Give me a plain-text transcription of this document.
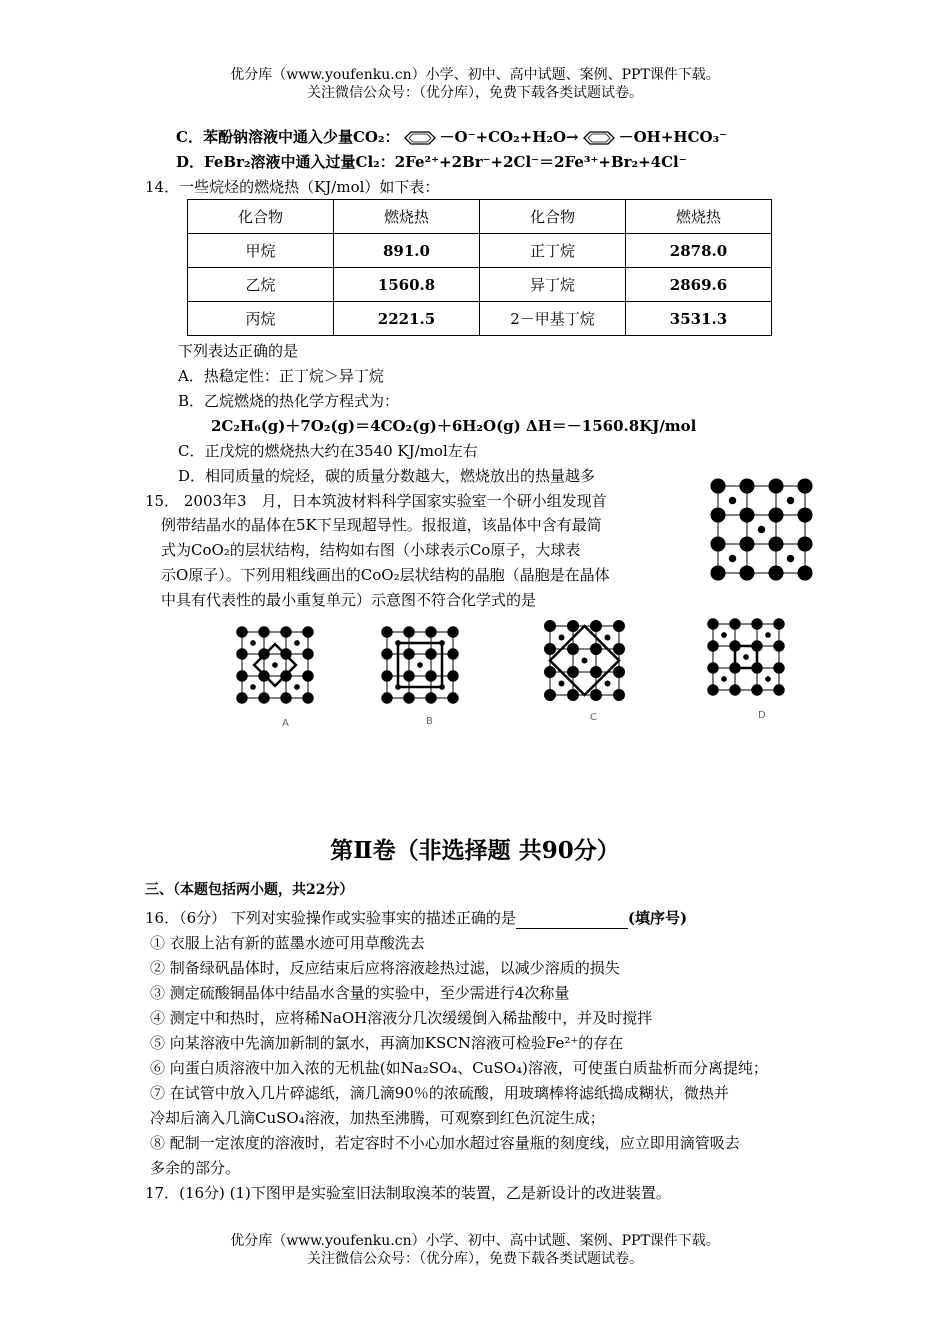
优分库（www.youfenku.cn）小学、初中、高中试题、案例、PPT课件下载。
关注微信公众号：（优分库），免费下载各类试题试卷。
C．苯酚钠溶液中通入少量CO₂：	－O⁻+CO₂+H₂O→	－OH+HCO₃⁻
D．FeBr₂溶液中通入过量Cl₂：2Fe²⁺+2Br⁻+2Cl⁻＝2Fe³⁺+Br₂+4Cl⁻
14．一些烷烃的燃烧热（KJ/mol）如下表：
化合物	燃烧热	化合物	燃烧热
甲烷	891.0	正丁烷	2878.0
乙烷	1560.8	异丁烷	2869.6
丙烷	2221.5	2－甲基丁烷	3531.3
下列表达正确的是
A．热稳定性：正丁烷＞异丁烷
B．乙烷燃烧的热化学方程式为：
2C₂H₆(g)＋7O₂(g)＝4CO₂(g)＋6H₂O(g) ΔH＝－1560.8KJ/mol
C．正戊烷的燃烧热大约在3540 KJ/mol左右
D．相同质量的烷烃，碳的质量分数越大，燃烧放出的热量越多
15． 2003年3　月，日本筑波材料科学国家实验室一个研小组发现首
例带结晶水的晶体在5K下呈现超导性。报报道，该晶体中含有最简
式为CoO₂的层状结构，结构如右图（小球表示Co原子，大球表
示O原子）。下列用粗线画出的CoO₂层状结构的晶胞（晶胞是在晶体
中具有代表性的最小重复单元）示意图不符合化学式的是
A	B	C	D
第Ⅱ卷（非选择题 共90分）
三、（本题包括两小题，共22分）
16．（6分） 下列对实验操作或实验事实的描述正确的是	(填序号)
① 衣服上沾有新的蓝墨水迹可用草酸洗去
② 制备绿矾晶体时，反应结束后应将溶液趁热过滤，以减少溶质的损失
③ 测定硫酸铜晶体中结晶水含量的实验中，至少需进行4次称量
④ 测定中和热时，应将稀NaOH溶液分几次缓缓倒入稀盐酸中，并及时搅拌
⑤ 向某溶液中先滴加新制的氯水，再滴加KSCN溶液可检验Fe²⁺的存在
⑥ 向蛋白质溶液中加入浓的无机盐(如Na₂SO₄、CuSO₄)溶液，可使蛋白质盐析而分离提纯；
⑦ 在试管中放入几片碎滤纸，滴几滴90％的浓硫酸，用玻璃棒将滤纸捣成糊状，微热并
冷却后滴入几滴CuSO₄溶液，加热至沸腾，可观察到红色沉淀生成；
⑧ 配制一定浓度的溶液时，若定容时不小心加水超过容量瓶的刻度线，应立即用滴管吸去
多余的部分。
17．(16分) (1)下图甲是实验室旧法制取溴苯的装置，乙是新设计的改进装置。
优分库（www.youfenku.cn）小学、初中、高中试题、案例、PPT课件下载。
关注微信公众号：（优分库），免费下载各类试题试卷。
